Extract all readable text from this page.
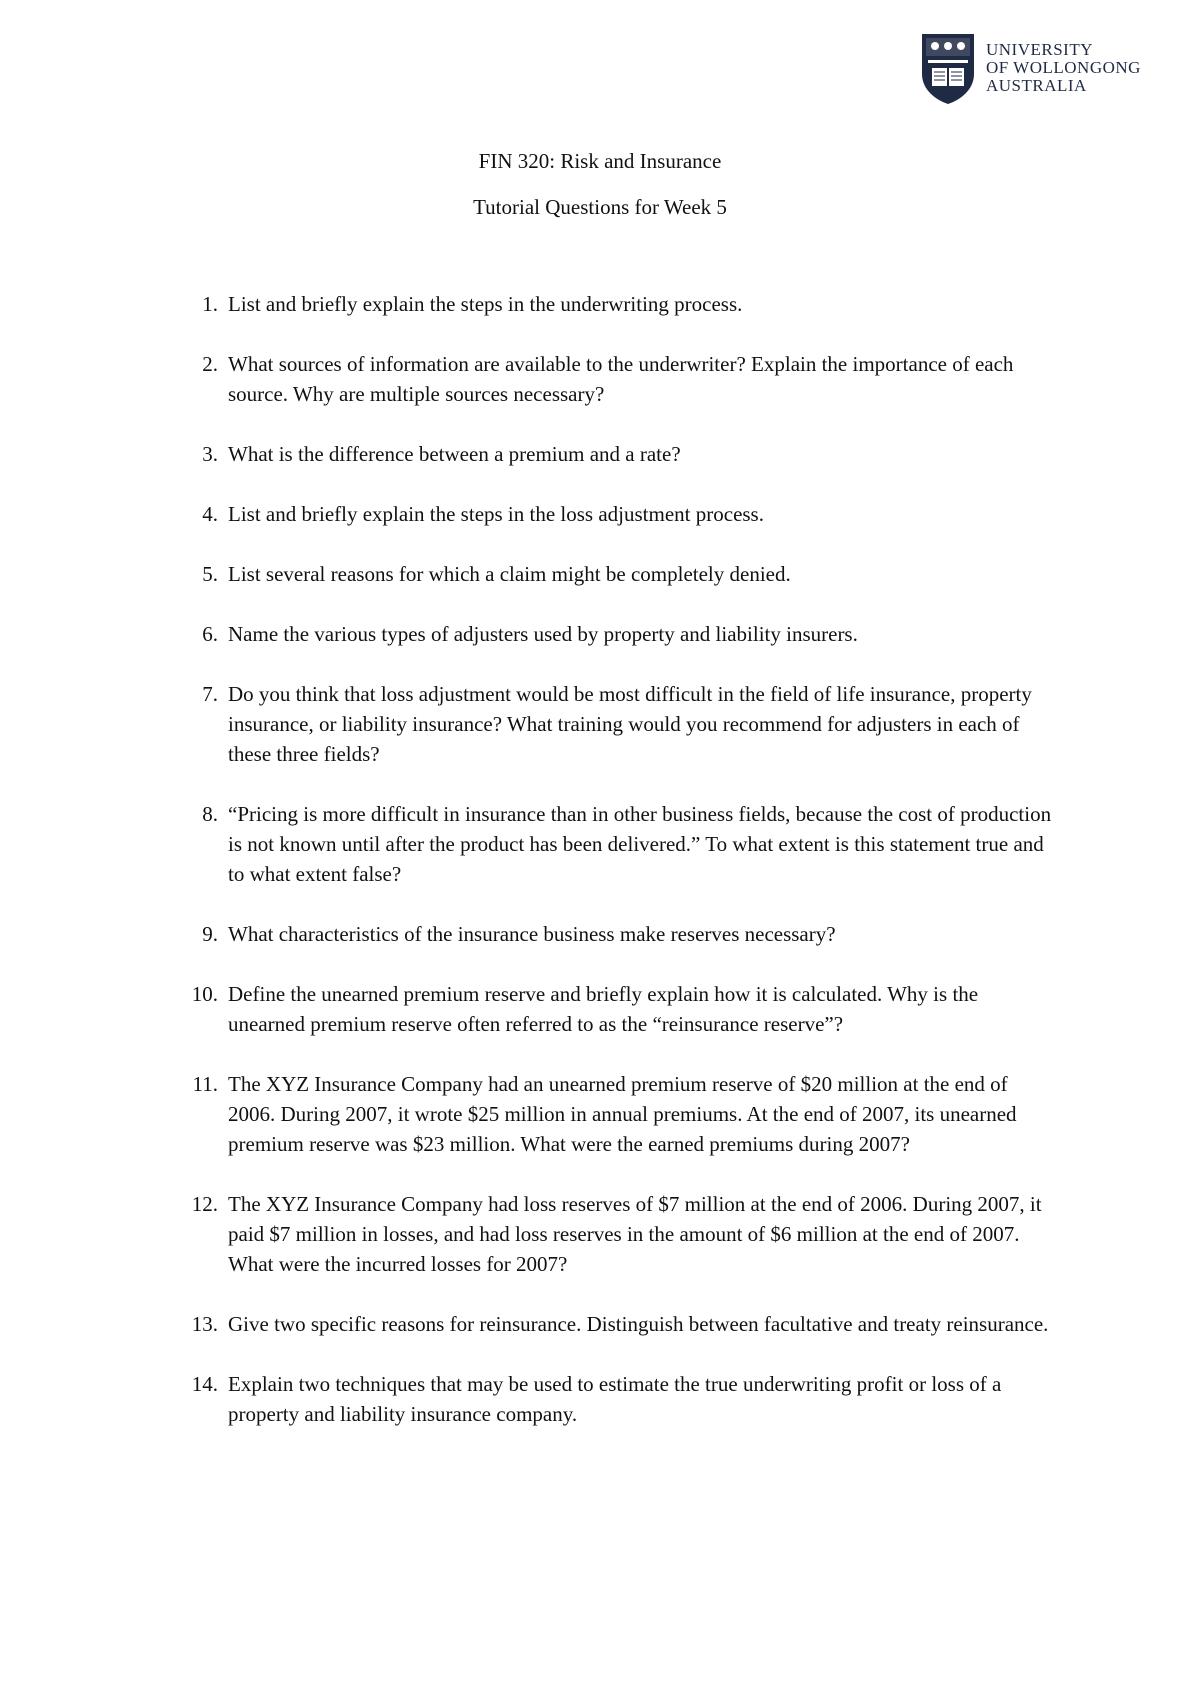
UNIVERSITY
OF WOLLONGONG
AUSTRALIA

FIN 320: Risk and Insurance

Tutorial Questions for Week 5

1. List and briefly explain the steps in the underwriting process.
2. What sources of information are available to the underwriter? Explain the importance of each source. Why are multiple sources necessary?
3. What is the difference between a premium and a rate?
4. List and briefly explain the steps in the loss adjustment process.
5. List several reasons for which a claim might be completely denied.
6. Name the various types of adjusters used by property and liability insurers.
7. Do you think that loss adjustment would be most difficult in the field of life insurance, property insurance, or liability insurance? What training would you recommend for adjusters in each of these three fields?
8. “Pricing is more difficult in insurance than in other business fields, because the cost of production is not known until after the product has been delivered.” To what extent is this statement true and to what extent false?
9. What characteristics of the insurance business make reserves necessary?
10. Define the unearned premium reserve and briefly explain how it is calculated. Why is the unearned premium reserve often referred to as the “reinsurance reserve”?
11. The XYZ Insurance Company had an unearned premium reserve of $20 million at the end of 2006. During 2007, it wrote $25 million in annual premiums. At the end of 2007, its unearned premium reserve was $23 million. What were the earned premiums during 2007?
12. The XYZ Insurance Company had loss reserves of $7 million at the end of 2006. During 2007, it paid $7 million in losses, and had loss reserves in the amount of $6 million at the end of 2007. What were the incurred losses for 2007?
13. Give two specific reasons for reinsurance. Distinguish between facultative and treaty reinsurance.
14. Explain two techniques that may be used to estimate the true underwriting profit or loss of a property and liability insurance company.
